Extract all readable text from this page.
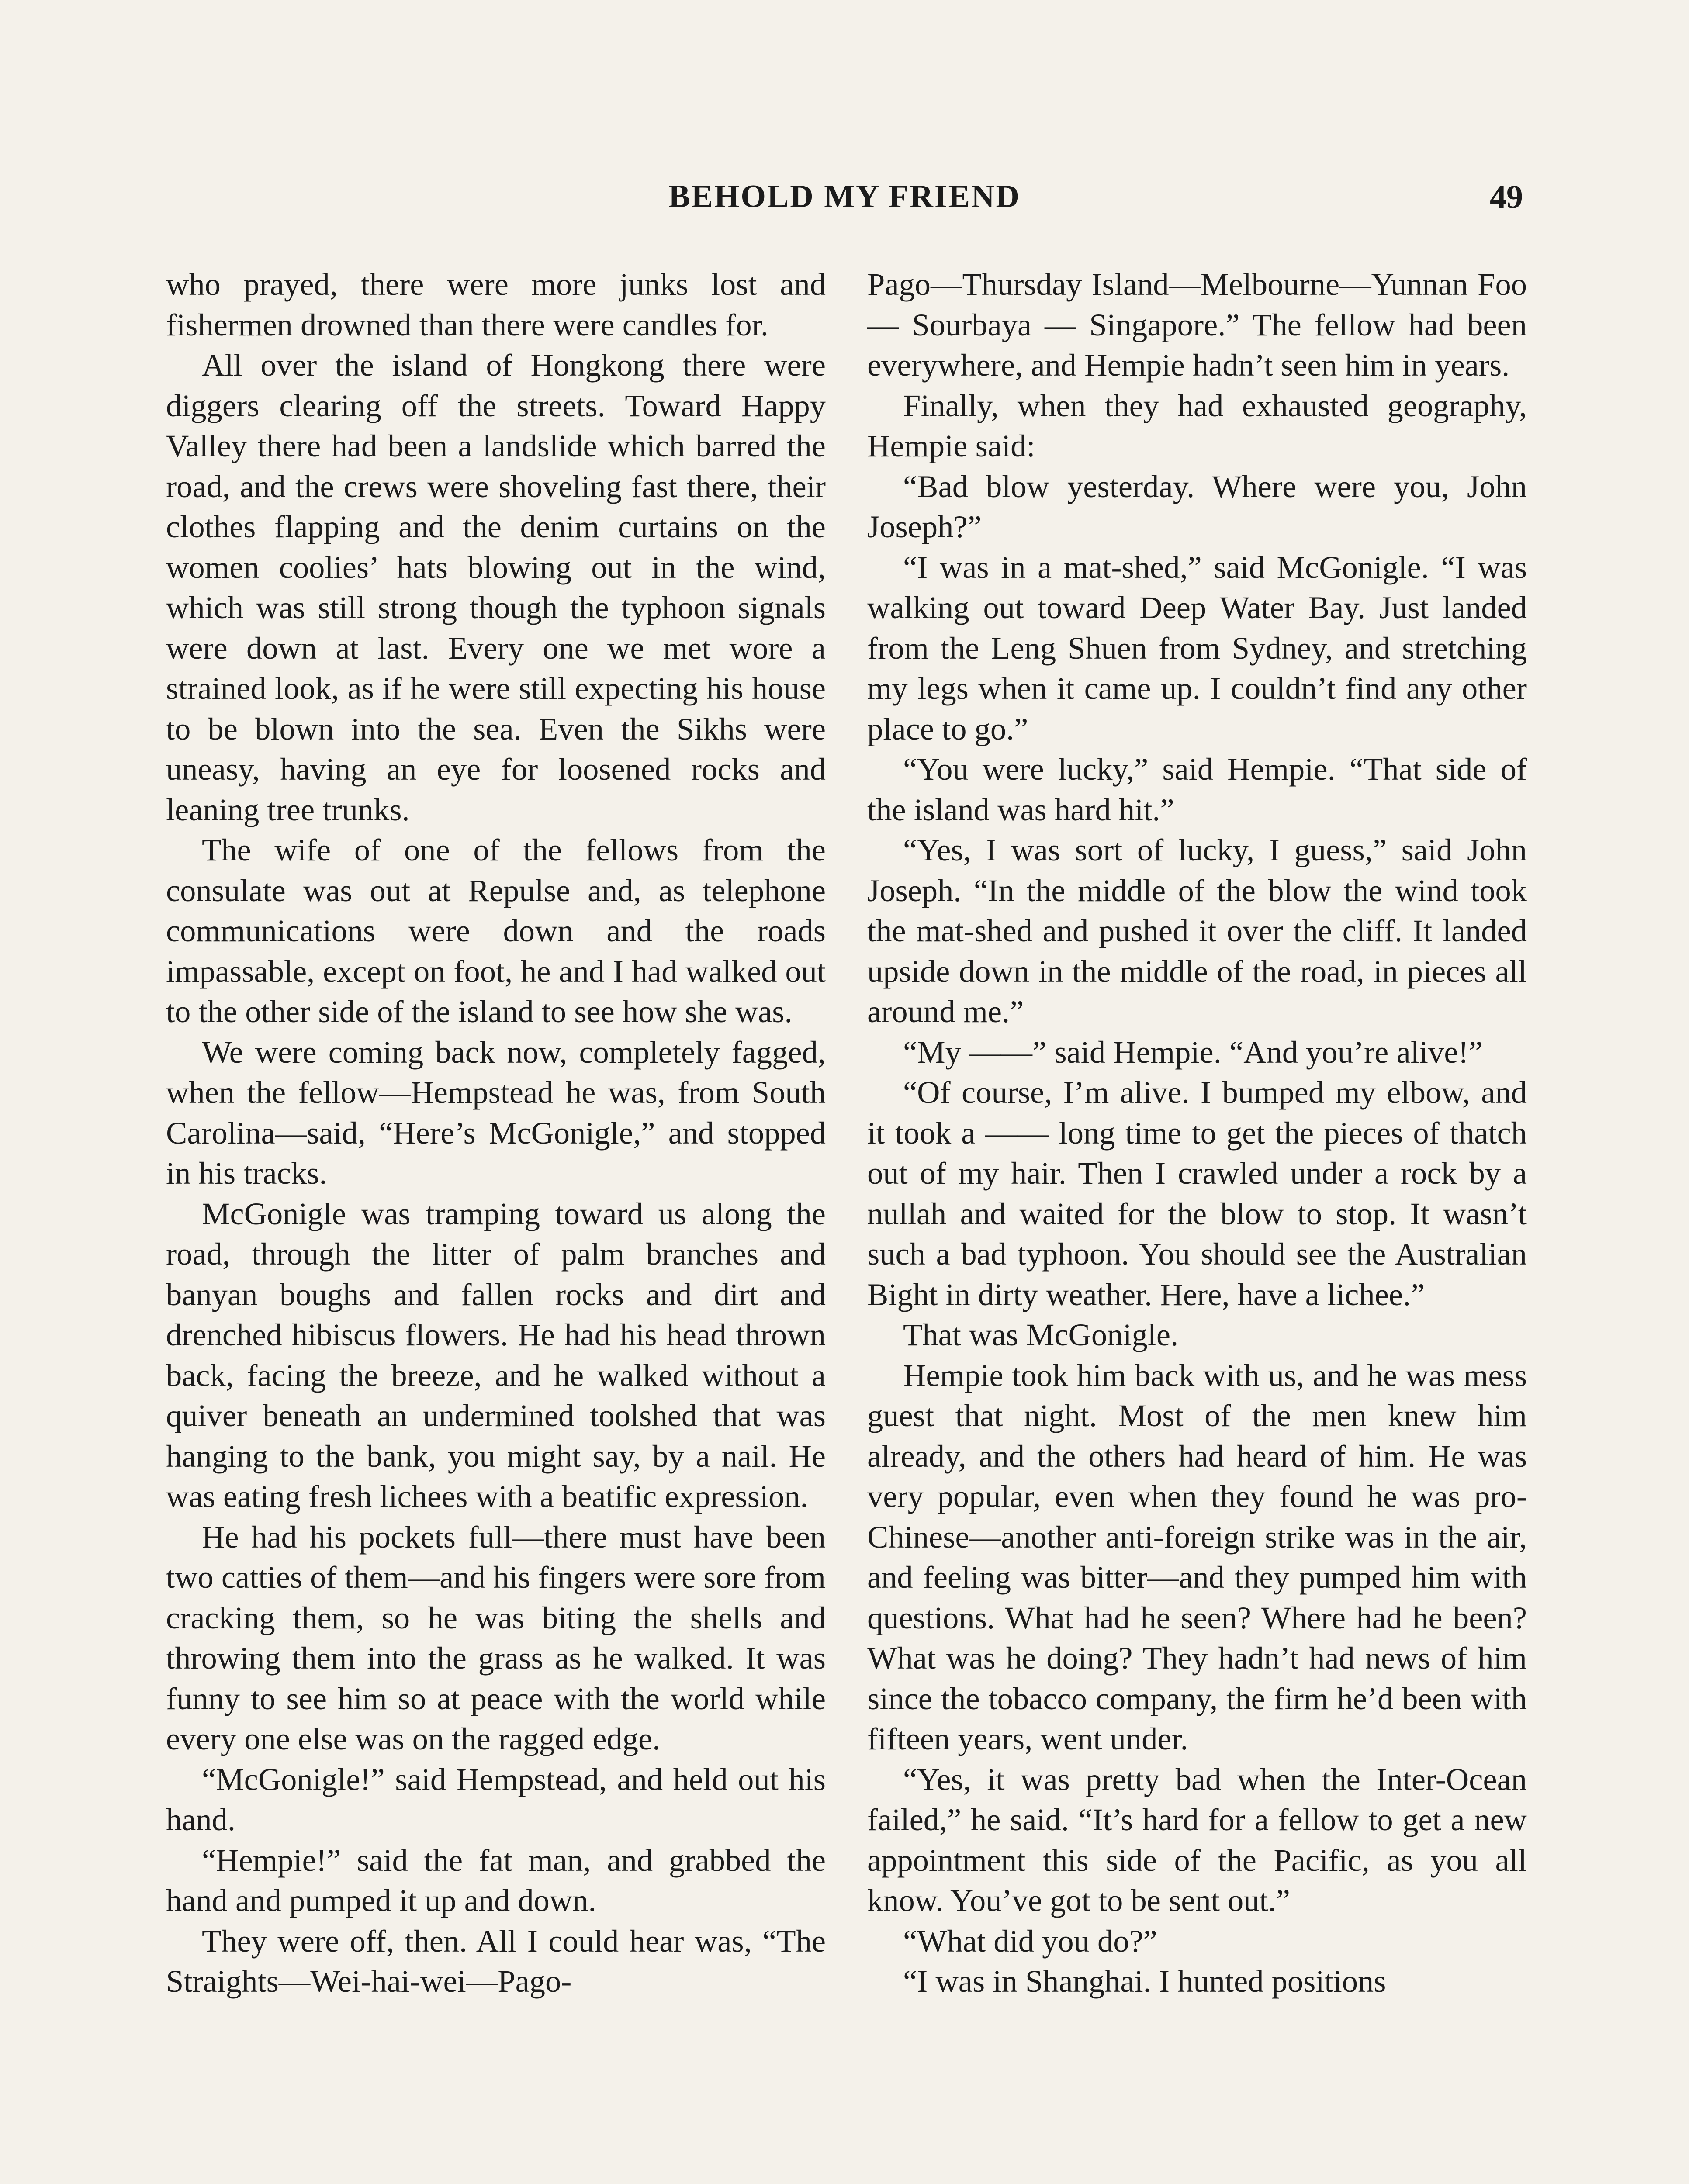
BEHOLD MY FRIEND	49

who prayed, there were more junks lost and fishermen drowned than there were candles for.

All over the island of Hongkong there were diggers clearing off the streets. Toward Happy Valley there had been a landslide which barred the road, and the crews were shoveling fast there, their clothes flapping and the denim curtains on the women coolies’ hats blowing out in the wind, which was still strong though the typhoon signals were down at last. Every one we met wore a strained look, as if he were still expecting his house to be blown into the sea. Even the Sikhs were uneasy, having an eye for loosened rocks and leaning tree trunks.

The wife of one of the fellows from the consulate was out at Repulse and, as telephone communications were down and the roads impassable, except on foot, he and I had walked out to the other side of the island to see how she was.

We were coming back now, completely fagged, when the fellow—Hempstead he was, from South Carolina—said, “Here’s McGonigle,” and stopped in his tracks.

McGonigle was tramping toward us along the road, through the litter of palm branches and banyan boughs and fallen rocks and dirt and drenched hibiscus flowers. He had his head thrown back, facing the breeze, and he walked without a quiver beneath an undermined toolshed that was hanging to the bank, you might say, by a nail. He was eating fresh lichees with a beatific expression.

He had his pockets full—there must have been two catties of them—and his fingers were sore from cracking them, so he was biting the shells and throwing them into the grass as he walked. It was funny to see him so at peace with the world while every one else was on the ragged edge.

“McGonigle!” said Hempstead, and held out his hand.

“Hempie!” said the fat man, and grabbed the hand and pumped it up and down.

They were off, then. All I could hear was, “The Straights—Wei-hai-wei—Pago-

Pago—Thursday Island—Melbourne—Yunnan Foo — Sourbaya — Singapore.” The fellow had been everywhere, and Hempie hadn’t seen him in years.

Finally, when they had exhausted geography, Hempie said:

“Bad blow yesterday. Where were you, John Joseph?”

“I was in a mat-shed,” said McGonigle. “I was walking out toward Deep Water Bay. Just landed from the Leng Shuen from Sydney, and stretching my legs when it came up. I couldn’t find any other place to go.”

“You were lucky,” said Hempie. “That side of the island was hard hit.”

“Yes, I was sort of lucky, I guess,” said John Joseph. “In the middle of the blow the wind took the mat-shed and pushed it over the cliff. It landed upside down in the middle of the road, in pieces all around me.”

“My ——” said Hempie. “And you’re alive!”

“Of course, I’m alive. I bumped my elbow, and it took a —— long time to get the pieces of thatch out of my hair. Then I crawled under a rock by a nullah and waited for the blow to stop. It wasn’t such a bad typhoon. You should see the Australian Bight in dirty weather. Here, have a lichee.”

That was McGonigle.

Hempie took him back with us, and he was mess guest that night. Most of the men knew him already, and the others had heard of him. He was very popular, even when they found he was pro-Chinese—another anti-foreign strike was in the air, and feeling was bitter—and they pumped him with questions. What had he seen? Where had he been? What was he doing? They hadn’t had news of him since the tobacco company, the firm he’d been with fifteen years, went under.

“Yes, it was pretty bad when the Inter-Ocean failed,” he said. “It’s hard for a fellow to get a new appointment this side of the Pacific, as you all know. You’ve got to be sent out.”

“What did you do?”

“I was in Shanghai. I hunted positions
